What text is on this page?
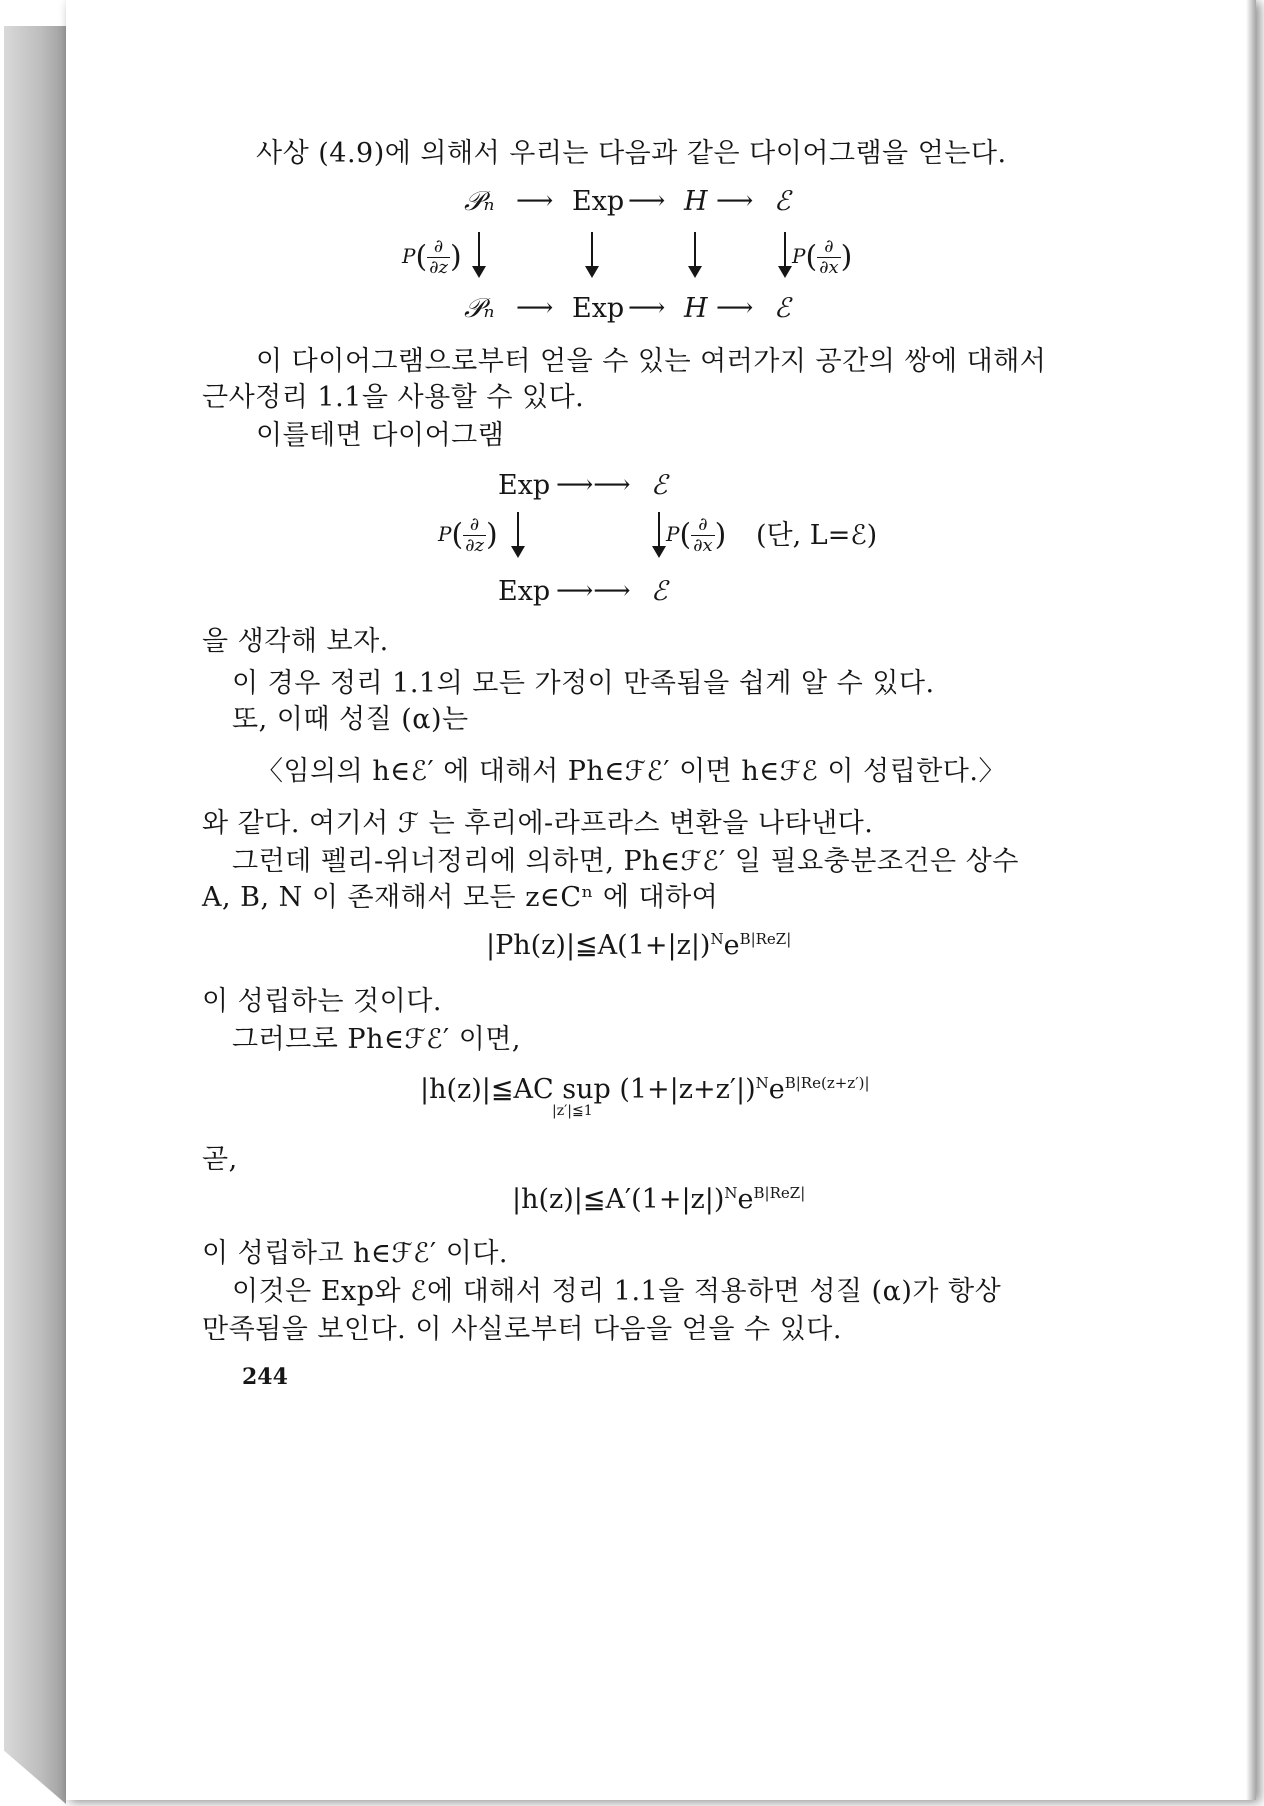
사상 (4.9)에 의해서 우리는 다음과 같은 다이어그램을 얻는다.
𝒫ₙ ⟶ Exp ⟶ H ⟶ ℰ
$P( \frac{\partial}{\partial z}$ )	$P( \frac{\partial}{\partial x}$ )
𝒫ₙ ⟶ Exp ⟶ H ⟶ ℰ
이 다이어그램으로부터 얻을 수 있는 여러가지 공간의 쌍에 대해서
근사정리 1.1을 사용할 수 있다.
이를테면 다이어그램
Exp ⟶⟶ ℰ
$P( \frac{\partial}{\partial z}$ )	$P( \frac{\partial}{\partial x}$ ) (단, L=ℰ)
Exp ⟶⟶ ℰ
을 생각해 보자.
이 경우 정리 1.1의 모든 가정이 만족됨을 쉽게 알 수 있다.
또, 이때 성질 (α)는
〈임의의 h∈ℰ′ 에 대해서 Ph∈ℱℰ′ 이면 h∈ℱℰ 이 성립한다.〉
와 같다. 여기서 ℱ 는 후리에-라프라스 변환을 나타낸다.
그런데 펠리-위너정리에 의하면, Ph∈ℱℰ′ 일 필요충분조건은 상수
A, B, N 이 존재해서 모든 z∈Cⁿ 에 대하여
$|Ph(z)|≦A(1+|z|)^Ne^{B|ReZ|}$
이 성립하는 것이다.
그러므로 Ph∈ℱℰ′ 이면,
|h(z)|≦AC sup $(1+|z+z'|)^Ne^{B|Re(z+z')|}$
|z′|≦1
곧,
$|h(z)|≦A'(1+|z|)^Ne^{B|ReZ|}$
이 성립하고 h∈ℱℰ′ 이다.
이것은 Exp와 ℰ에 대해서 정리 1.1을 적용하면 성질 (α)가 항상
만족됨을 보인다. 이 사실로부터 다음을 얻을 수 있다.
244
